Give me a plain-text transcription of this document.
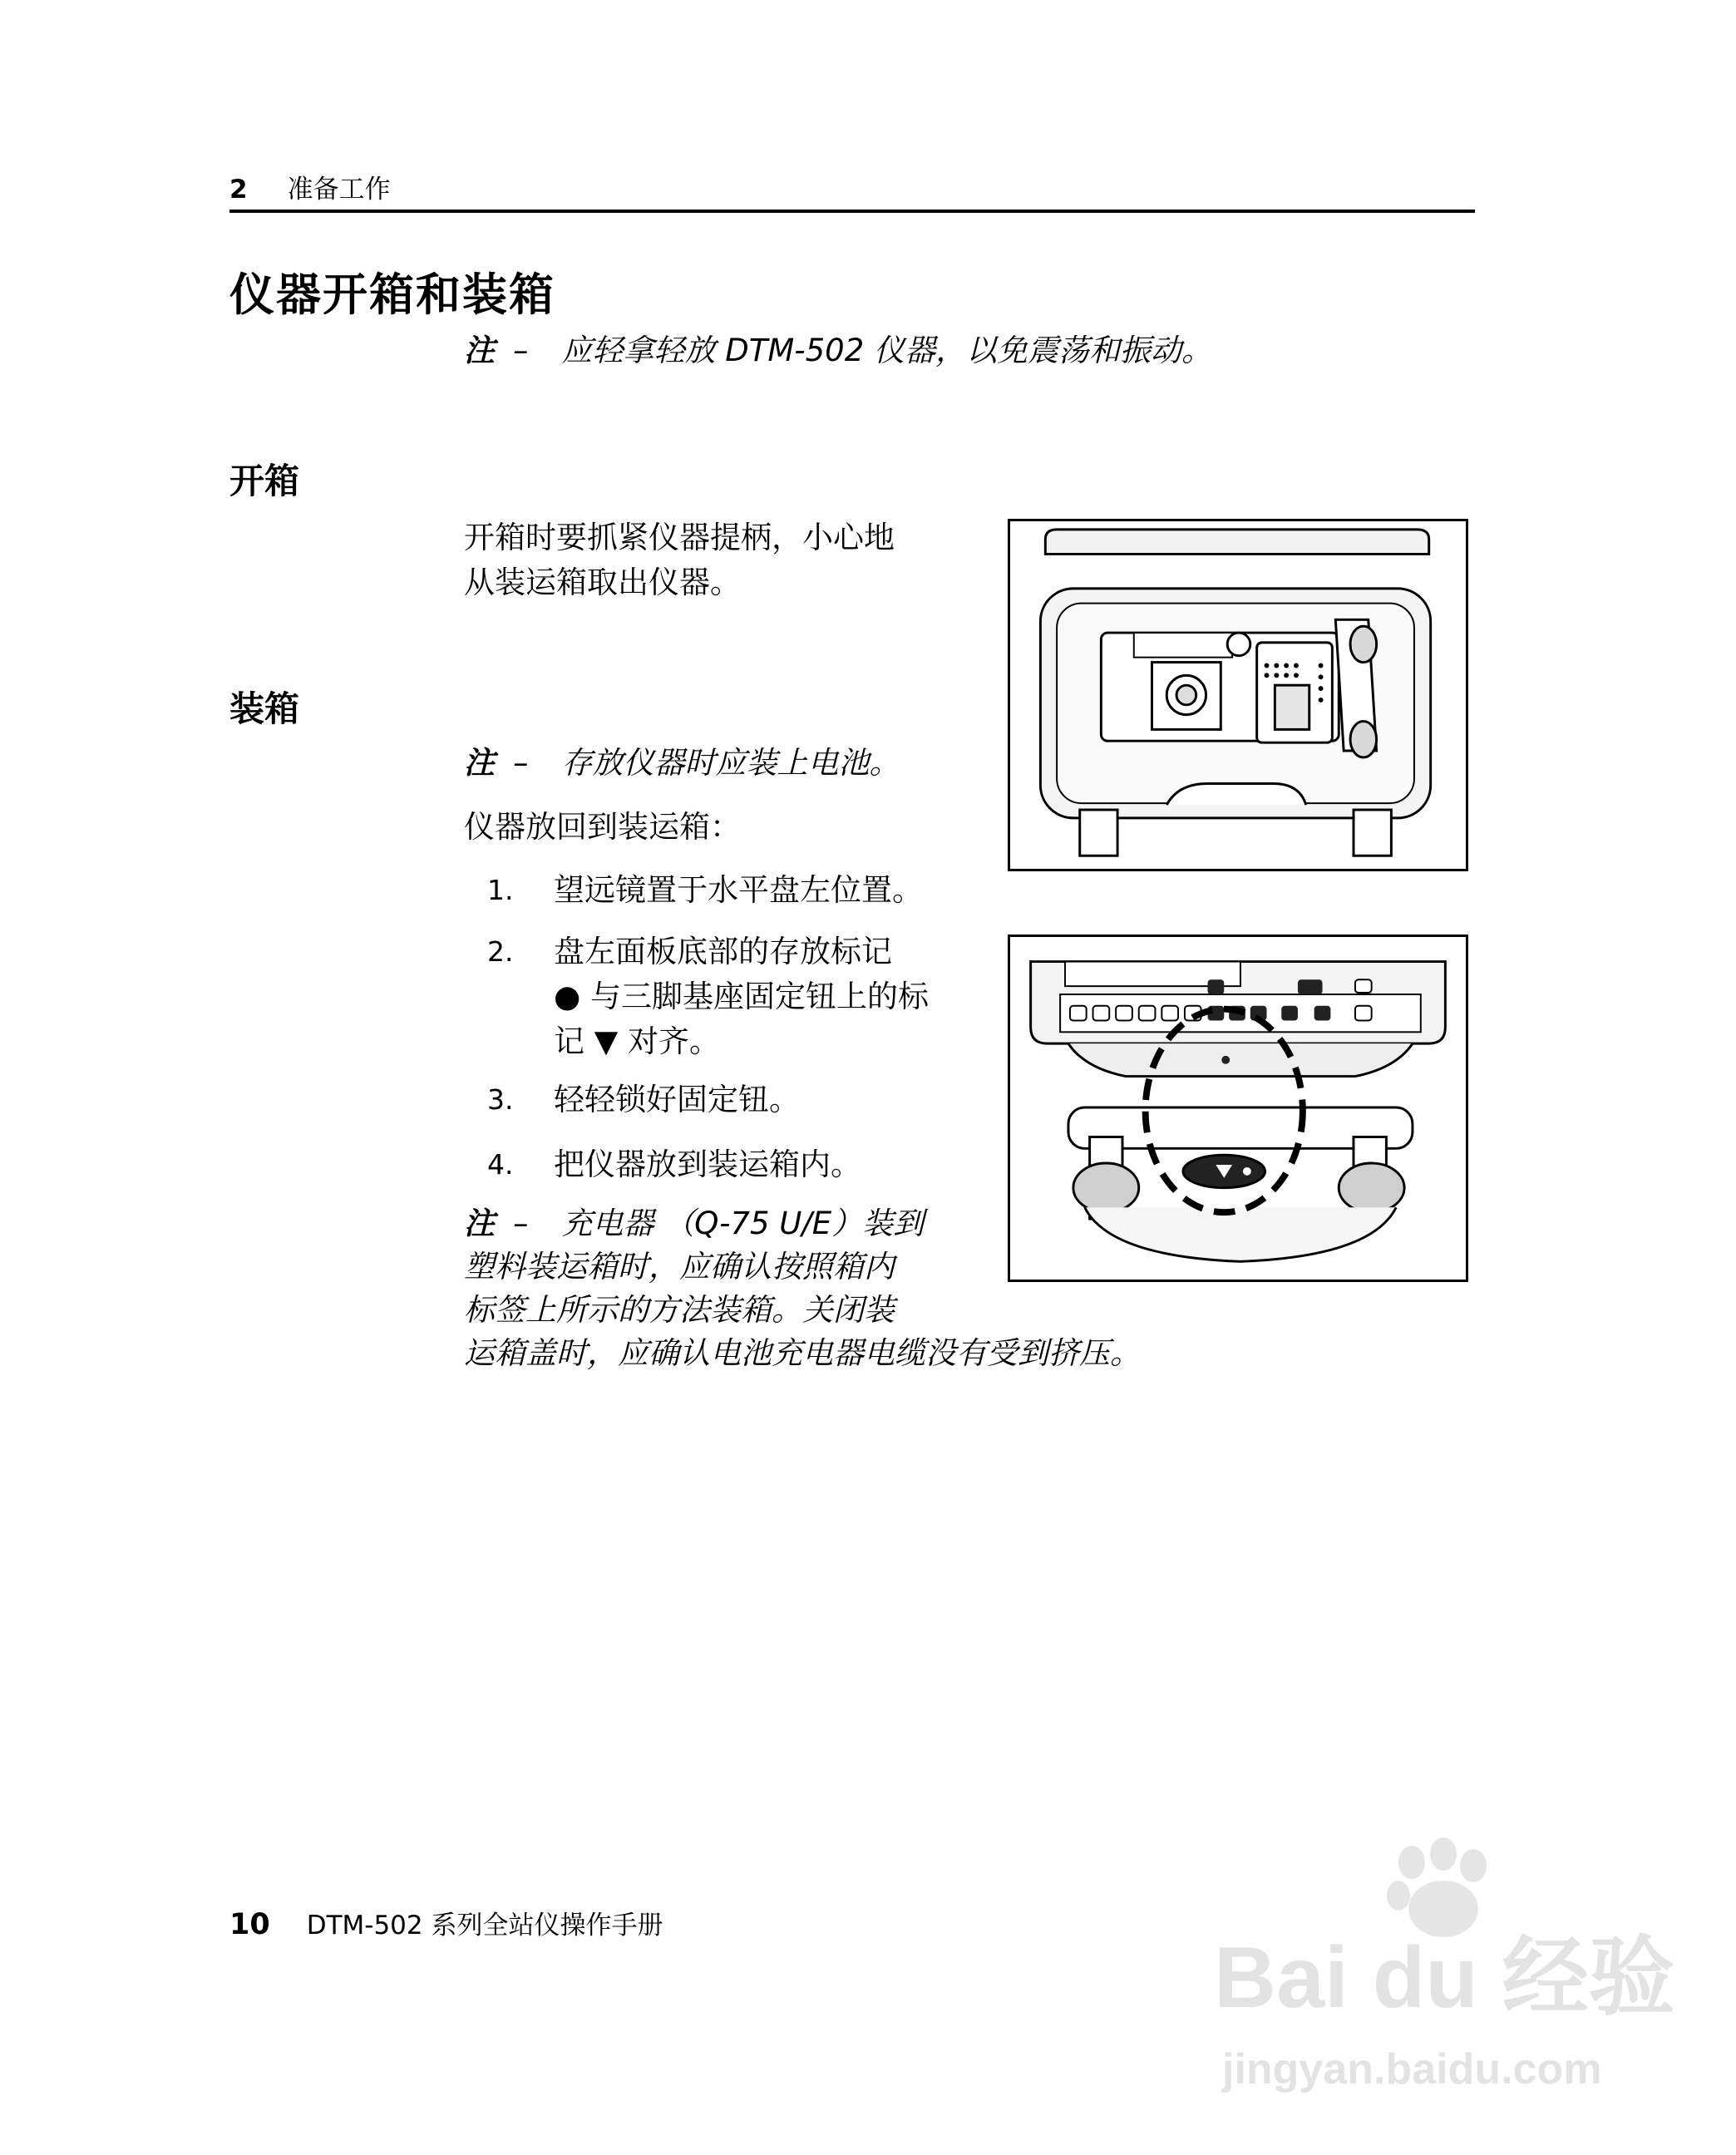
2 准备工作
仪器开箱和装箱
注 – 应轻拿轻放 DTM-502 仪器，以免震荡和振动。
开箱
开箱时要抓紧仪器提柄，小心地
从装运箱取出仪器。
装箱
注 – 存放仪器时应装上电池。
仪器放回到装运箱：
1. 望远镜置于水平盘左位置。
2. 盘左面板底部的存放标记
● 与三脚基座固定钮上的标
记 ▼ 对齐。
3. 轻轻锁好固定钮。
4. 把仪器放到装运箱内。
注 – 充电器 （Q-75 U/E）装到
塑料装运箱时，应确认按照箱内
标签上所示的方法装箱。关闭装
运箱盖时，应确认电池充电器电缆没有受到挤压。
10 DTM-502 系列全站仪操作手册
Bai du 经验
jingyan.baidu.com
